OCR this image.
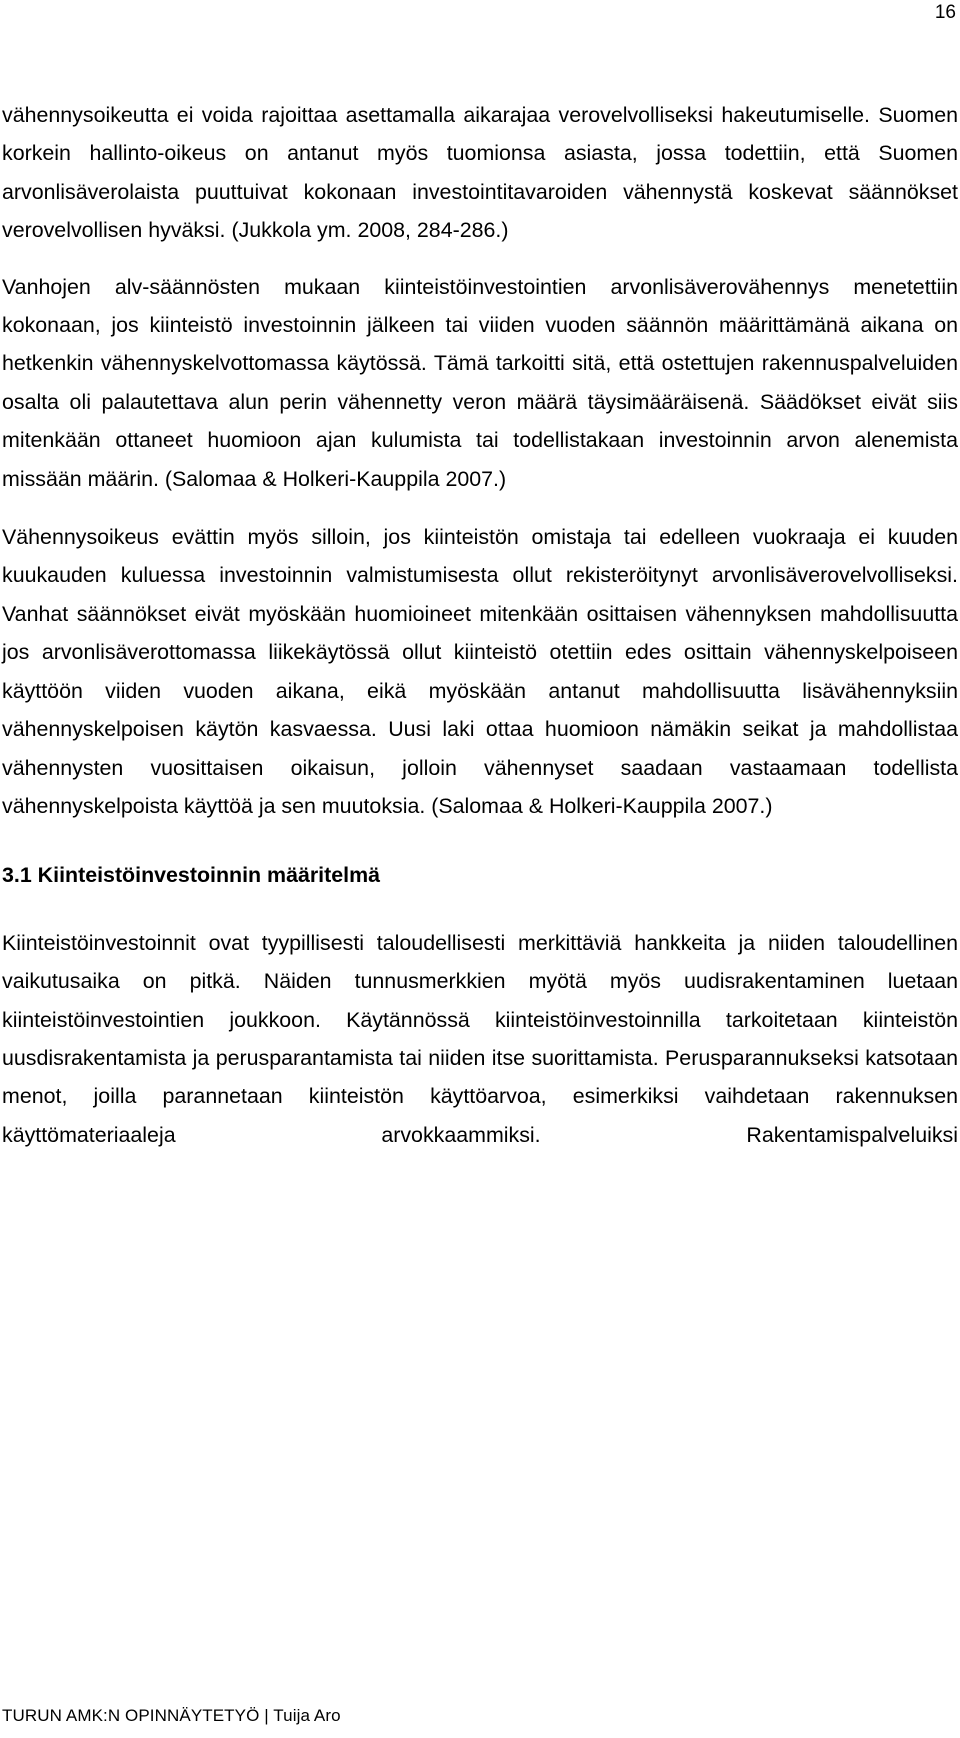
16

vähennysoikeutta ei voida rajoittaa asettamalla aikarajaa verovelvolliseksi hakeutumiselle. Suomen korkein hallinto-oikeus on antanut myös tuomionsa asiasta, jossa todettiin, että Suomen arvonlisäverolaista puuttuivat kokonaan investointitavaroiden vähennystä koskevat säännökset verovelvollisen hyväksi. (Jukkola ym. 2008, 284-286.)

Vanhojen alv-säännösten mukaan kiinteistöinvestointien arvonlisäverovähennys menetettiin kokonaan, jos kiinteistö investoinnin jälkeen tai viiden vuoden säännön määrittämänä aikana on hetkenkin vähennyskelvottomassa käytössä. Tämä tarkoitti sitä, että ostettujen rakennuspalveluiden osalta oli palautettava alun perin vähennetty veron määrä täysimääräisenä. Säädökset eivät siis mitenkään ottaneet huomioon ajan kulumista tai todellistakaan investoinnin arvon alenemista missään määrin. (Salomaa & Holkeri-Kauppila 2007.)

Vähennysoikeus evättin myös silloin, jos kiinteistön omistaja tai edelleen vuokraaja ei kuuden kuukauden kuluessa investoinnin valmistumisesta ollut rekisteröitynyt arvonlisäverovelvolliseksi. Vanhat säännökset eivät myöskään huomioineet mitenkään osittaisen vähennyksen mahdollisuutta jos arvonlisäverottomassa liikekäytössä ollut kiinteistö otettiin edes osittain vähennyskelpoiseen käyttöön viiden vuoden aikana, eikä myöskään antanut mahdollisuutta lisävähennyksiin vähennyskelpoisen käytön kasvaessa. Uusi laki ottaa huomioon nämäkin seikat ja mahdollistaa vähennysten vuosittaisen oikaisun, jolloin vähennyset saadaan vastaamaan todellista vähennyskelpoista käyttöä ja sen muutoksia. (Salomaa & Holkeri-Kauppila 2007.)

3.1 Kiinteistöinvestoinnin määritelmä

Kiinteistöinvestoinnit ovat tyypillisesti taloudellisesti merkittäviä hankkeita ja niiden taloudellinen vaikutusaika on pitkä. Näiden tunnusmerkkien myötä myös uudisrakentaminen luetaan kiinteistöinvestointien joukkoon. Käytännössä kiinteistöinvestoinnilla tarkoitetaan kiinteistön uusdisrakentamista ja perusparantamista tai niiden itse suorittamista. Perusparannukseksi katsotaan menot, joilla parannetaan kiinteistön käyttöarvoa, esimerkiksi vaihdetaan rakennuksen käyttömateriaaleja arvokkaammiksi. Rakentamispalveluiksi

TURUN AMK:N OPINNÄYTETYÖ | Tuija Aro
